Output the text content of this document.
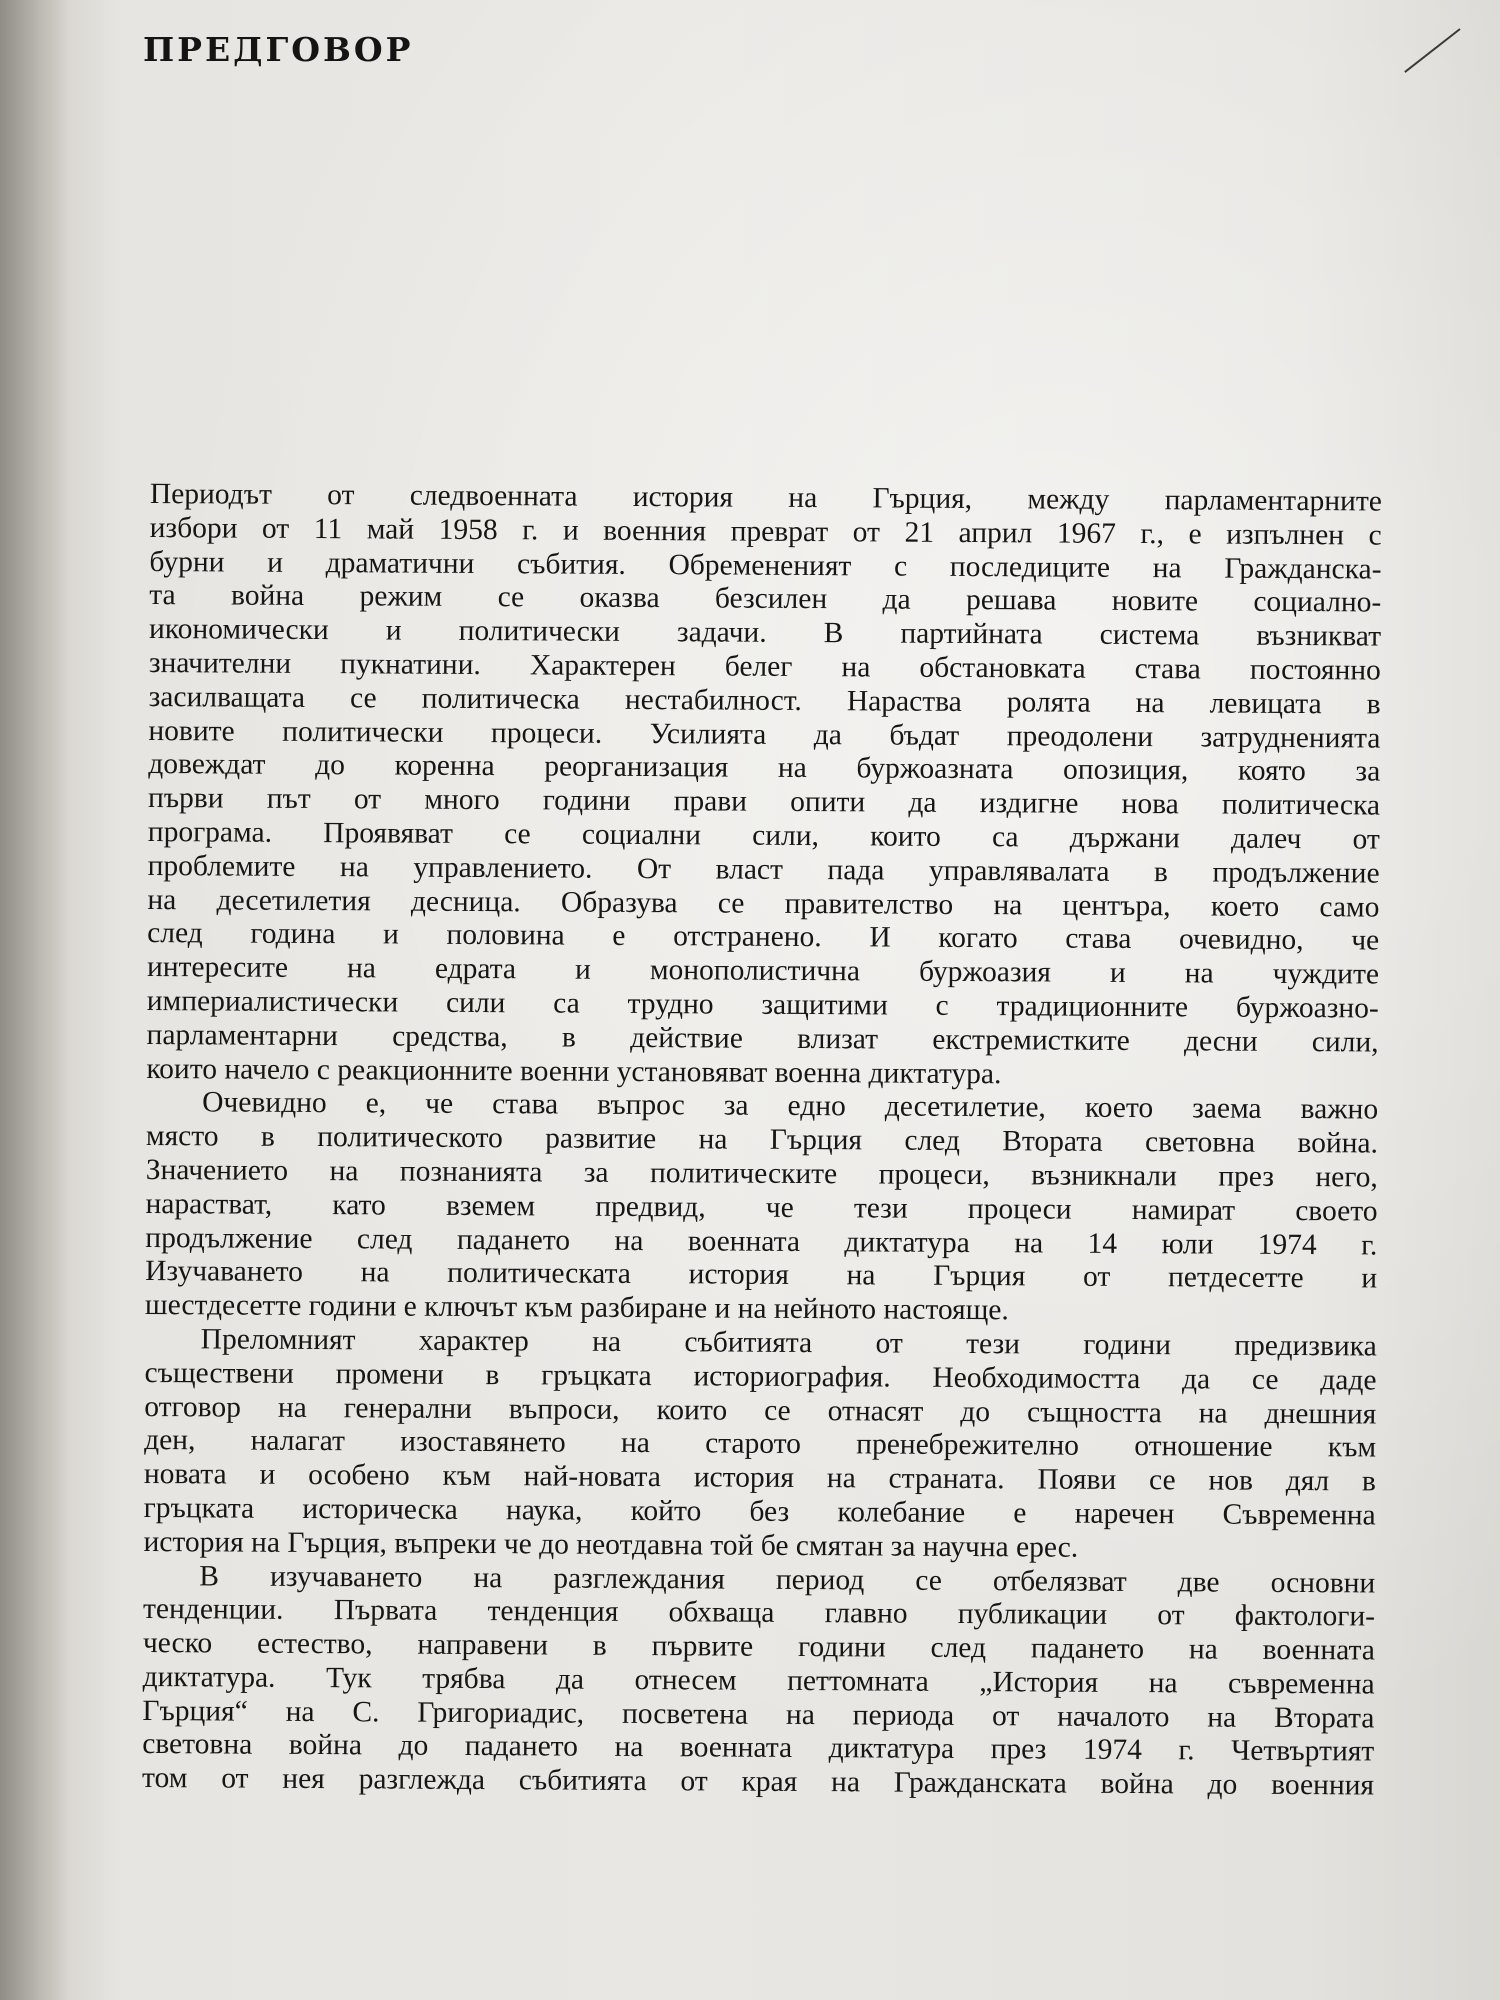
ПРЕДГОВОР

Периодът от следвоенната история на Гърция, между парламентарните
избори от 11 май 1958 г. и военния преврат от 21 април 1967 г., е изпълнен с
бурни и драматични събития. Обремененият с последиците на Гражданска-
та война режим се оказва безсилен да решава новите социално-
икономически и политически задачи. В партийната система възникват
значителни пукнатини. Характерен белег на обстановката става постоянно
засилващата се политическа нестабилност. Нараства ролята на левицата в
новите политически процеси. Усилията да бъдат преодолени затрудненията
довеждат до коренна реорганизация на буржоазната опозиция, която за
първи път от много години прави опити да издигне нова политическа
програма. Проявяват се социални сили, които са държани далеч от
проблемите на управлението. От власт пада управлявалата в продължение
на десетилетия десница. Образува се правителство на центъра, което само
след година и половина е отстранено. И когато става очевидно, че
интересите на едрата и монополистична буржоазия и на чуждите
империалистически сили са трудно защитими с традиционните буржоазно-
парламентарни средства, в действие влизат екстремистките десни сили,
които начело с реакционните военни установяват военна диктатура.

Очевидно е, че става въпрос за едно десетилетие, което заема важно
място в политическото развитие на Гърция след Втората световна война.
Значението на познанията за политическите процеси, възникнали през него,
нарастват, като вземем предвид, че тези процеси намират своето
продължение след падането на военната диктатура на 14 юли 1974 г.
Изучаването на политическата история на Гърция от петдесетте и
шестдесетте години е ключът към разбиране и на нейното настояще.

Преломният характер на събитията от тези години предизвика
съществени промени в гръцката историография. Необходимостта да се даде
отговор на генерални въпроси, които се отнасят до същността на днешния
ден, налагат изоставянето на старото пренебрежително отношение към
новата и особено към най-новата история на страната. Появи се нов дял в
гръцката историческа наука, който без колебание е наречен Съвременна
история на Гърция, въпреки че до неотдавна той бе смятан за научна ерес.

В изучаването на разглеждания период се отбелязват две основни
тенденции. Първата тенденция обхваща главно публикации от фактологи-
ческо естество, направени в първите години след падането на военната
диктатура. Тук трябва да отнесем петтомната „История на съвременна
Гърция“ на С. Григориадис, посветена на периода от началото на Втората
световна война до падането на военната диктатура през 1974 г. Четвъртият
том от нея разглежда събитията от края на Гражданската война до военния
